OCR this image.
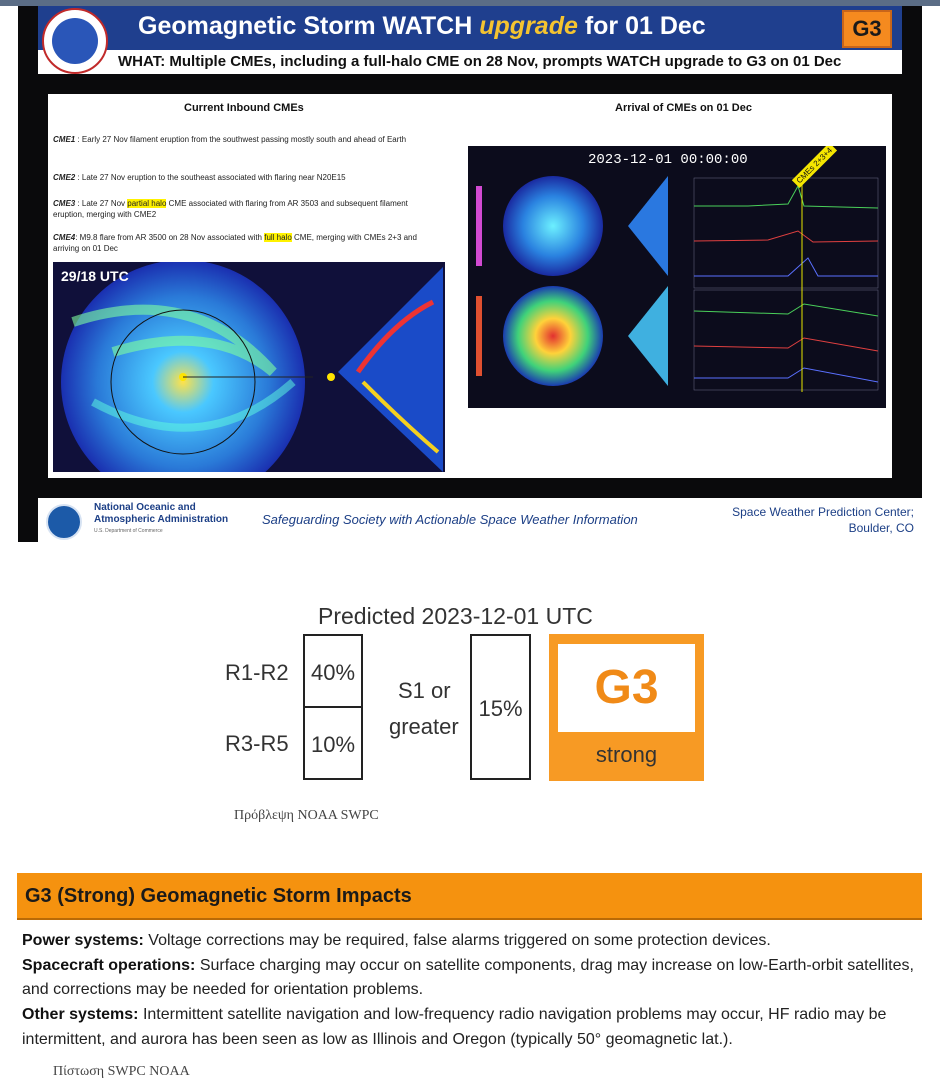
Geomagnetic Storm WATCH upgrade for 01 Dec	G3
WHAT: Multiple CMEs, including a full-halo CME on 28 Nov, prompts WATCH upgrade to G3 on 01 Dec
Current Inbound CMEs	Arrival of CMEs on 01 Dec
CME1 : Early 27 Nov filament eruption from the southwest passing mostly south and ahead of Earth
CME2 : Late 27 Nov eruption to the southeast associated with flaring near N20E15
CME3 : Late 27 Nov partial halo CME associated with flaring from AR 3503 and subsequent filament eruption, merging with CME2
CME4: M9.8 flare from AR 3500 on 28 Nov associated with full halo CME, merging with CMEs 2+3 and arriving on 01 Dec
29/18 UTC
2023-12-01 00:00:00	CMEs 2+3+4
National Oceanic and
Atmospheric Administration
U.S. Department of Commerce
Safeguarding Society with Actionable Space Weather Information	Space Weather Prediction Center;
Boulder, CO
Predicted 2023-12-01 UTC
R1-R2	40%
R3-R5	10%
S1 or
greater
15%	G3
strong
Πρόβλεψη NOAA SWPC
G3 (Strong) Geomagnetic Storm Impacts
Power systems: Voltage corrections may be required, false alarms triggered on some protection devices.
Spacecraft operations: Surface charging may occur on satellite components, drag may increase on low-Earth-orbit satellites, and corrections may be needed for orientation problems.
Other systems: Intermittent satellite navigation and low-frequency radio navigation problems may occur, HF radio may be intermittent, and aurora has been seen as low as Illinois and Oregon (typically 50° geomagnetic lat.).
Πίστωση SWPC NOAA
